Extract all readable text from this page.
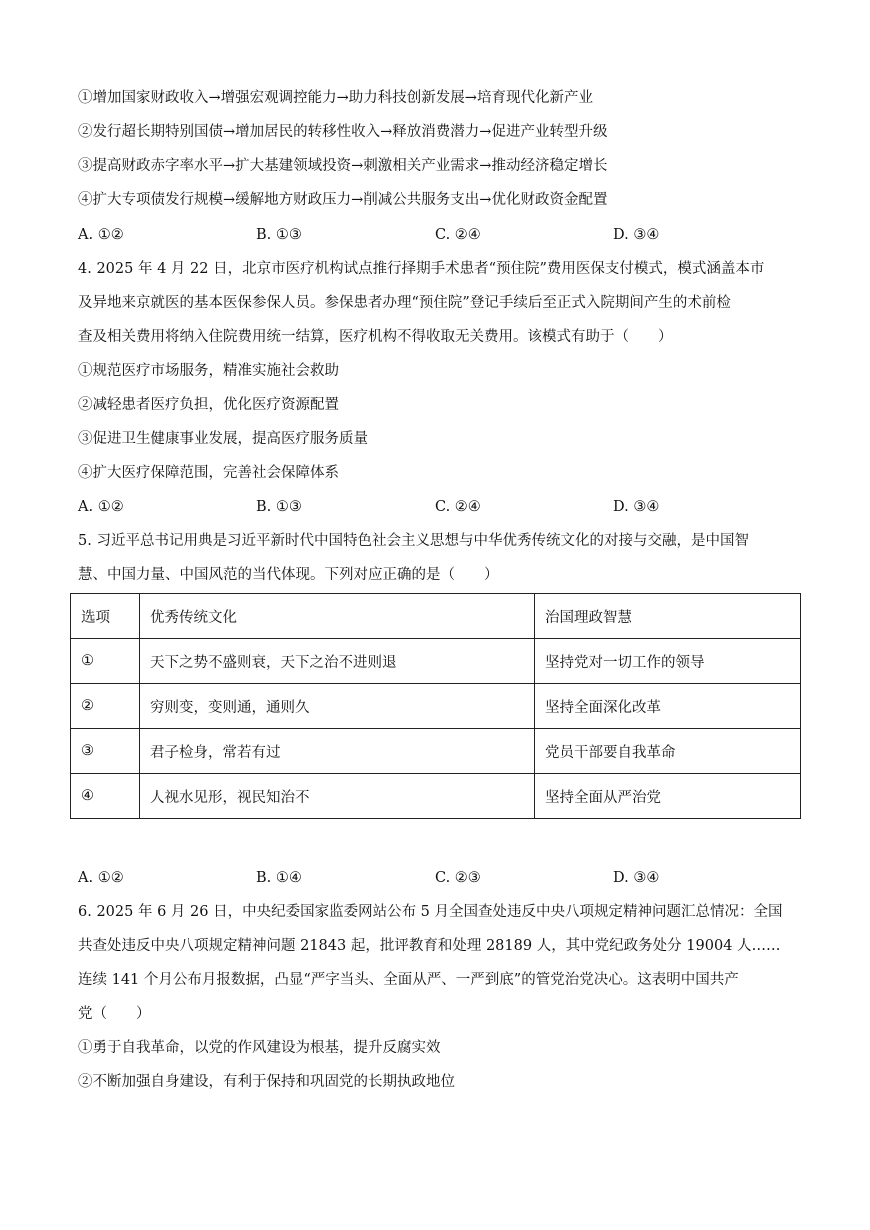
①增加国家财政收入→增强宏观调控能力→助力科技创新发展→培育现代化新产业
②发行超长期特别国债→增加居民的转移性收入→释放消费潜力→促进产业转型升级
③提高财政赤字率水平→扩大基建领域投资→刺激相关产业需求→推动经济稳定增长
④扩大专项债发行规模→缓解地方财政压力→削减公共服务支出→优化财政资金配置
A. ①②	B. ①③	C. ②④	D. ③④
4. 2025 年 4 月 22 日，北京市医疗机构试点推行择期手术患者“预住院”费用医保支付模式，模式涵盖本市
及异地来京就医的基本医保参保人员。参保患者办理“预住院”登记手续后至正式入院期间产生的术前检
查及相关费用将纳入住院费用统一结算，医疗机构不得收取无关费用。该模式有助于（　　）
①规范医疗市场服务，精准实施社会救助
②减轻患者医疗负担，优化医疗资源配置
③促进卫生健康事业发展，提高医疗服务质量
④扩大医疗保障范围，完善社会保障体系
A. ①②	B. ①③	C. ②④	D. ③④
5. 习近平总书记用典是习近平新时代中国特色社会主义思想与中华优秀传统文化的对接与交融，是中国智
慧、中国力量、中国风范的当代体现。下列对应正确的是（　　）
选项	优秀传统文化	治国理政智慧
①	天下之势不盛则衰，天下之治不进则退	坚持党对一切工作的领导
②	穷则变，变则通，通则久	坚持全面深化改革
③	君子检身，常若有过	党员干部要自我革命
④	人视水见形，视民知治不	坚持全面从严治党
A. ①②	B. ①④	C. ②③	D. ③④
6. 2025 年 6 月 26 日，中央纪委国家监委网站公布 5 月全国查处违反中央八项规定精神问题汇总情况：全国
共查处违反中央八项规定精神问题 21843 起，批评教育和处理 28189 人，其中党纪政务处分 19004 人……
连续 141 个月公布月报数据，凸显“严字当头、全面从严、一严到底”的管党治党决心。这表明中国共产
党（　　）
①勇于自我革命，以党的作风建设为根基，提升反腐实效
②不断加强自身建设，有利于保持和巩固党的长期执政地位
